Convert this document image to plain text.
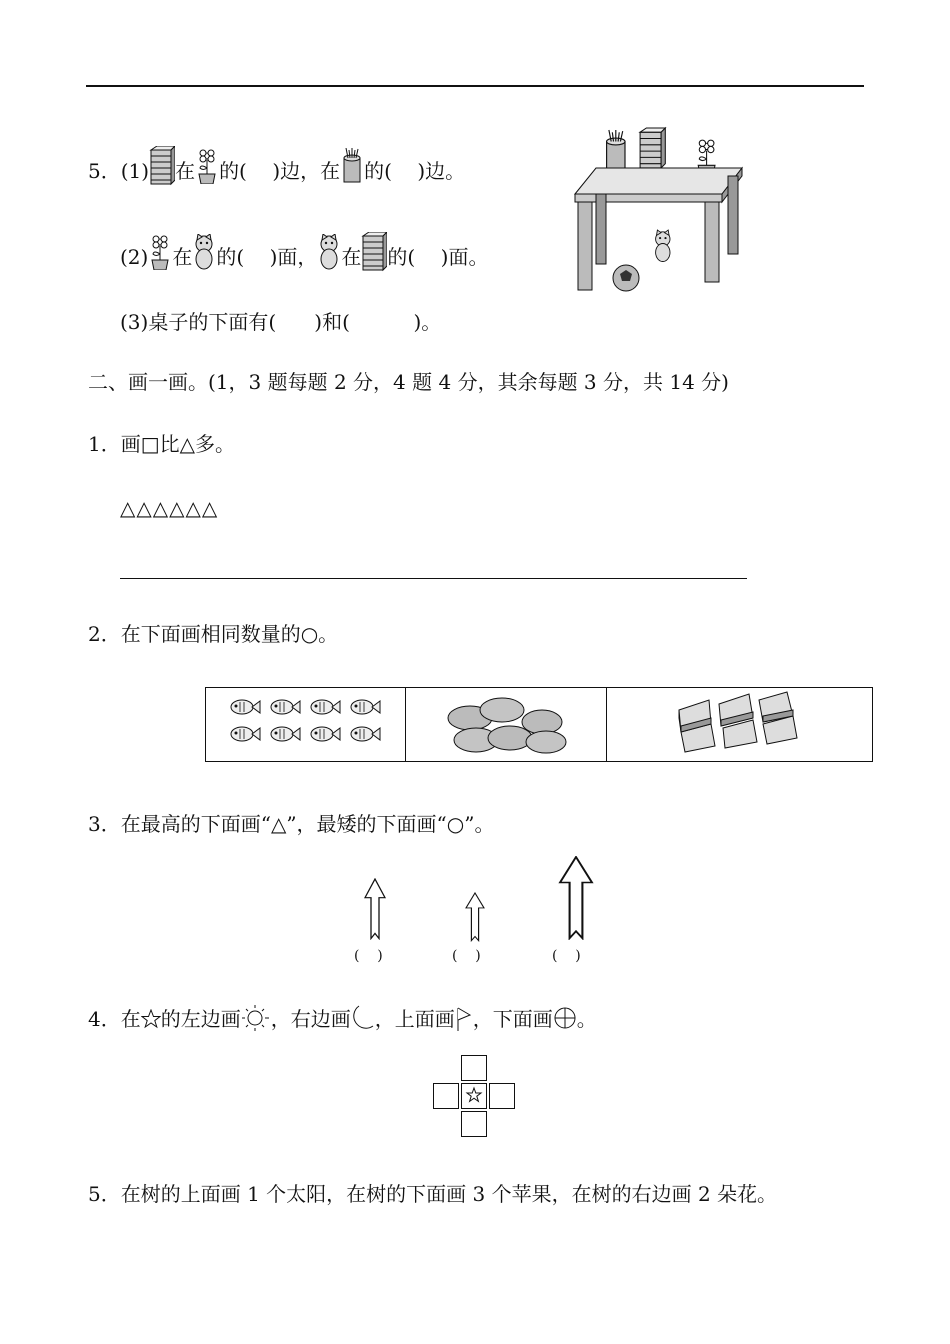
5．(1) 在 的( )边，在 的( )边。
(2) 在 的( )面， 在 的( )面。
(3)桌子的下面有(      )和(          )。
二、画一画。(1，3 题每题 2 分，4 题 4 分，其余每题 3 分，共 14 分)
1．画□比△多。
△△△△△△
2．在下面画相同数量的○。
3．在最高的下面画“△”，最矮的下面画“○”。
(    )	(    )	(    )
4．在 的左边画 ，右边画 ，上面画 ，下面画 。
5．在树的上面画 1 个太阳，在树的下面画 3 个苹果，在树的右边画 2 朵花。
